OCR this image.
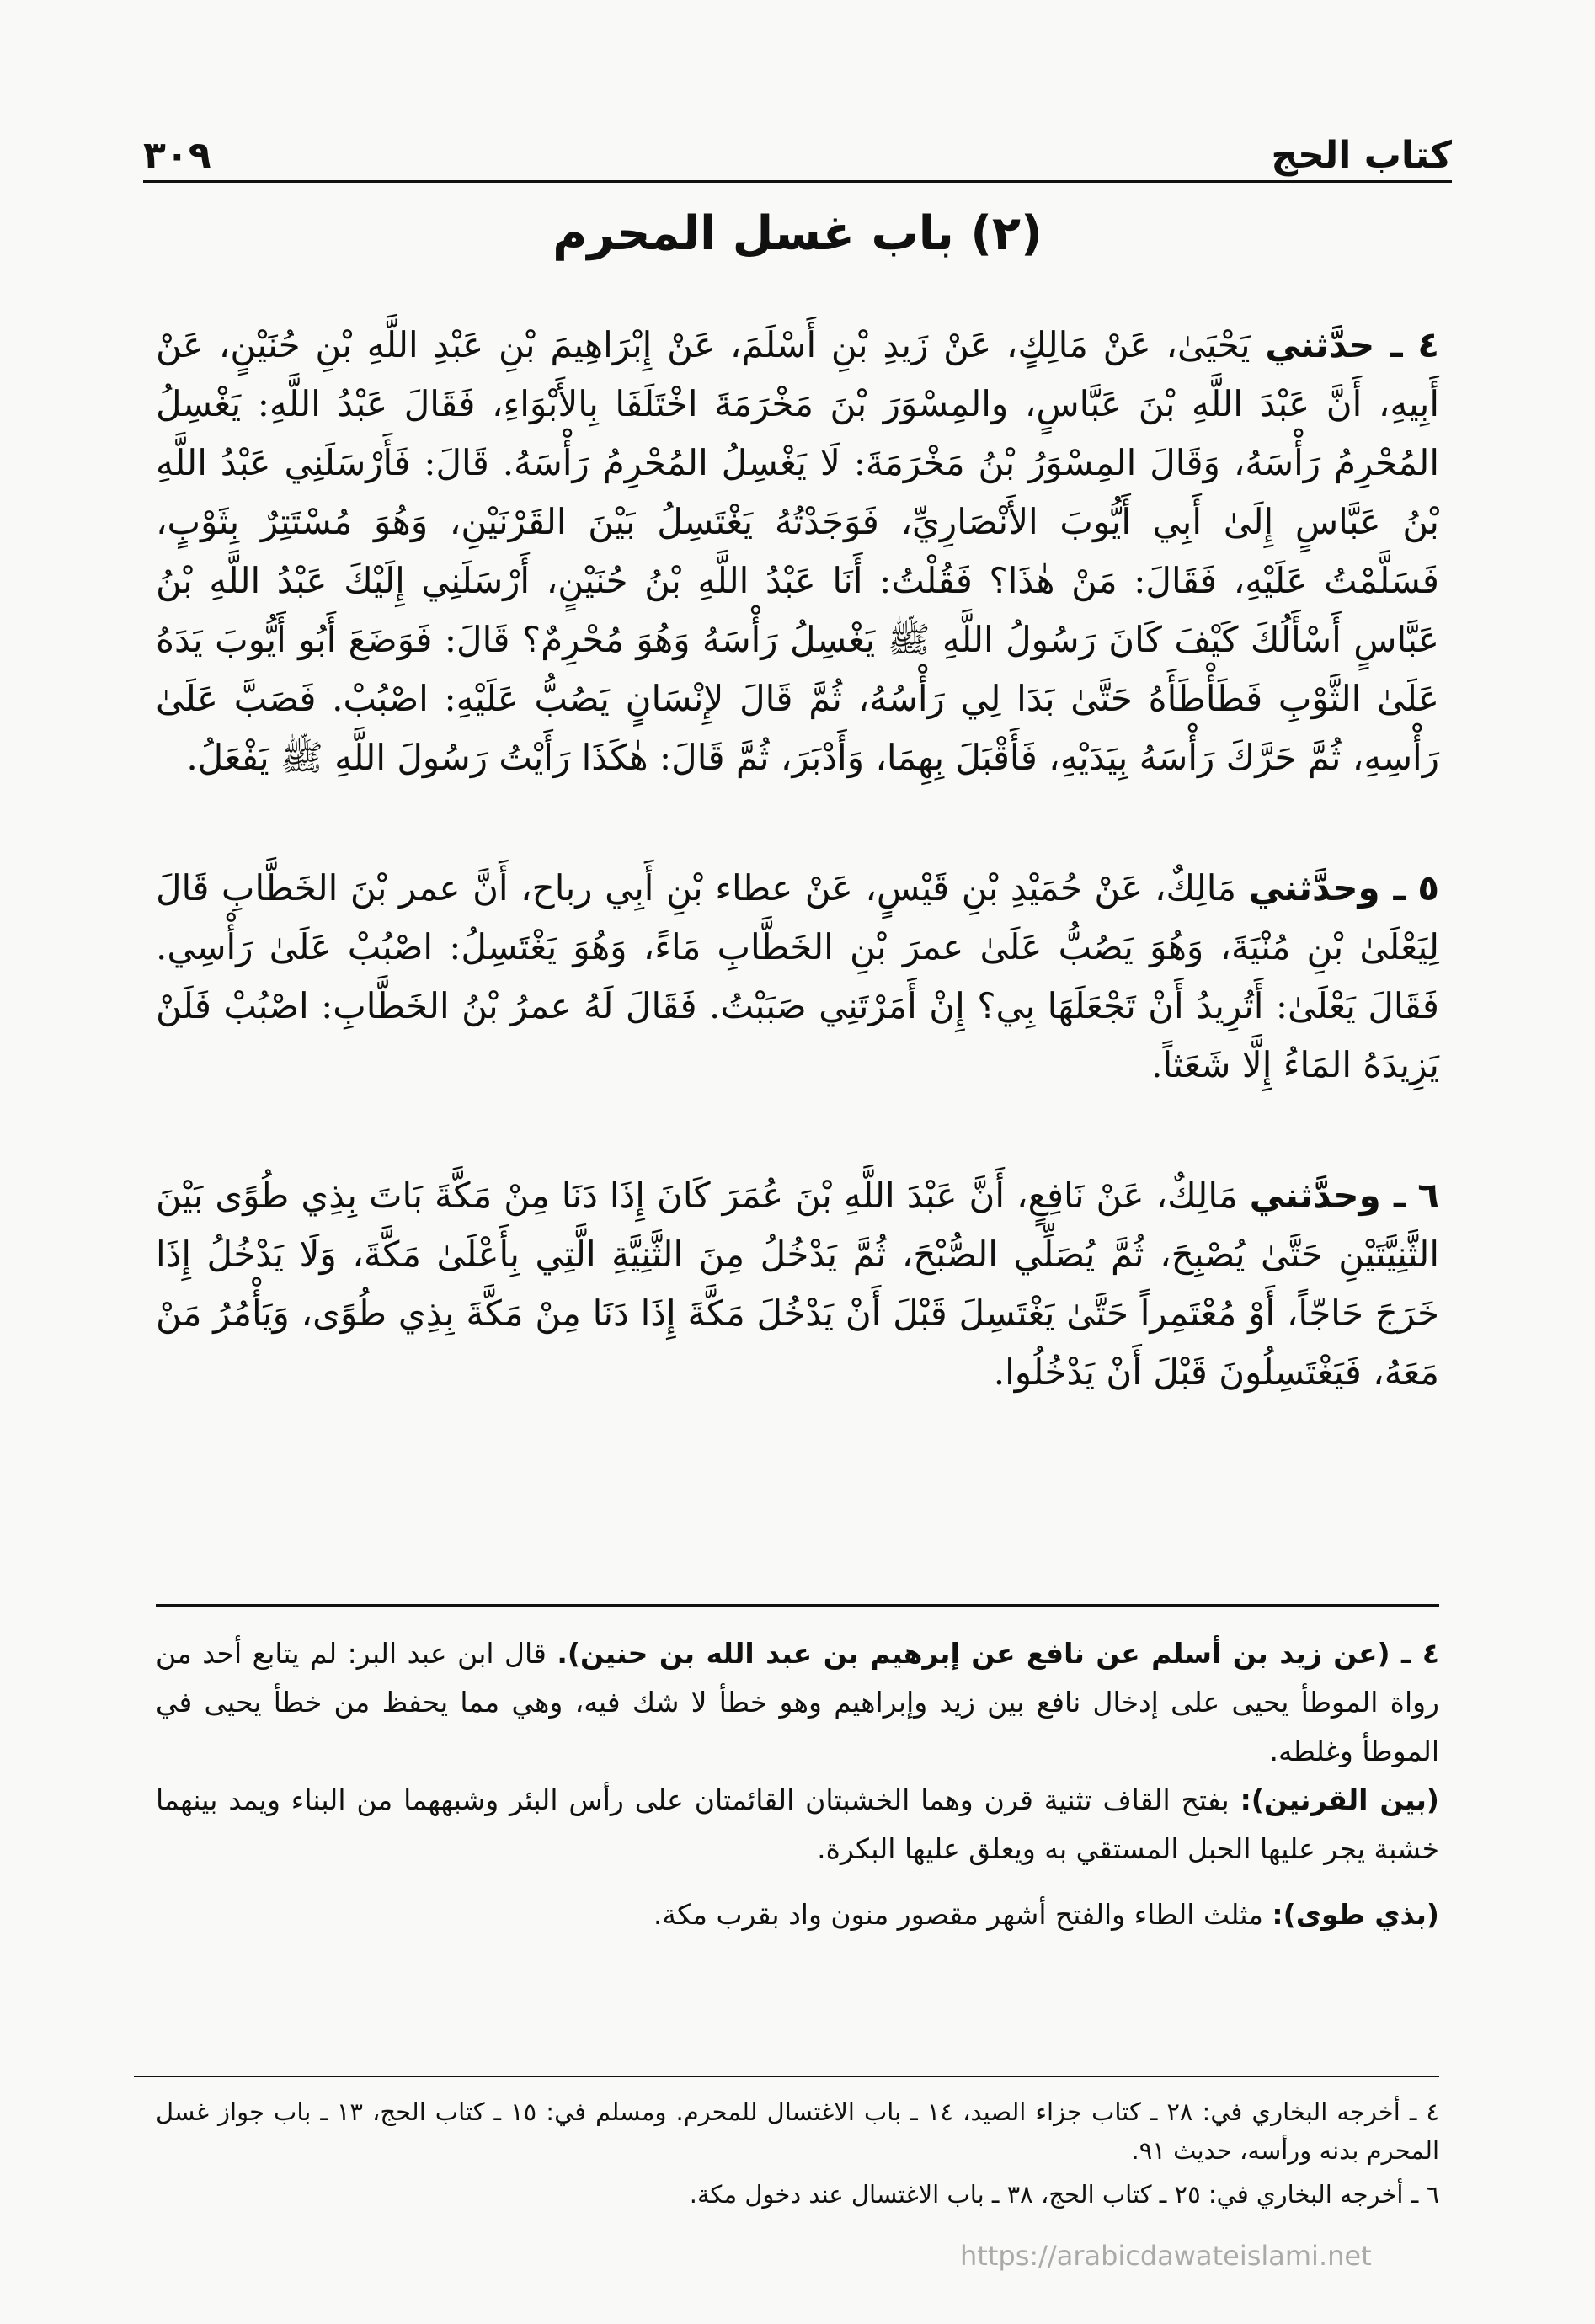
كتاب الحج
٣٠٩
(٢) باب غسل المحرم

٤ ـ حدَّثني يَحْيَىٰ، عَنْ مَالِكٍ، عَنْ زَيدِ بْنِ أَسْلَمَ، عَنْ إِبْرَاهِيمَ بْنِ عَبْدِ اللَّهِ بْنِ حُنَيْنٍ، عَنْ أَبِيهِ، أَنَّ عَبْدَ اللَّهِ بْنَ عَبَّاسٍ، والمِسْوَرَ بْنَ مَخْرَمَةَ اخْتَلَفَا بِالأَبْوَاءِ، فَقَالَ عَبْدُ اللَّهِ: يَغْسِلُ المُحْرِمُ رَأْسَهُ، وَقَالَ المِسْوَرُ بْنُ مَخْرَمَةَ: لَا يَغْسِلُ المُحْرِمُ رَأْسَهُ. قَالَ: فَأَرْسَلَنِي عَبْدُ اللَّهِ بْنُ عَبَّاسٍ إِلَىٰ أَبِي أَيُّوبَ الأَنْصَارِيِّ، فَوَجَدْتُهُ يَغْتَسِلُ بَيْنَ القَرْنَيْنِ، وَهُوَ مُسْتَتِرٌ بِثَوْبٍ، فَسَلَّمْتُ عَلَيْهِ، فَقَالَ: مَنْ هٰذَا؟ فَقُلْتُ: أَنَا عَبْدُ اللَّهِ بْنُ حُنَيْنٍ، أَرْسَلَنِي إِلَيْكَ عَبْدُ اللَّهِ بْنُ عَبَّاسٍ أَسْأَلُكَ كَيْفَ كَانَ رَسُولُ اللَّهِ ﷺ يَغْسِلُ رَأْسَهُ وَهُوَ مُحْرِمٌ؟ قَالَ: فَوَضَعَ أَبُو أَيُّوبَ يَدَهُ عَلَىٰ الثَّوْبِ فَطَأْطَأَهُ حَتَّىٰ بَدَا لِي رَأْسُهُ، ثُمَّ قَالَ لإِنْسَانٍ يَصُبُّ عَلَيْهِ: اصْبُبْ. فَصَبَّ عَلَىٰ رَأْسِهِ، ثُمَّ حَرَّكَ رَأْسَهُ بِيَدَيْهِ، فَأَقْبَلَ بِهِمَا، وَأَدْبَرَ، ثُمَّ قَالَ: هٰكَذَا رَأَيْتُ رَسُولَ اللَّهِ ﷺ يَفْعَلُ.

٥ ـ وحدَّثني مَالِكٌ، عَنْ حُمَيْدِ بْنِ قَيْسٍ، عَنْ عطاء بْنِ أَبِي رباح، أَنَّ عمر بْنَ الخَطَّابِ قَالَ لِيَعْلَىٰ بْنِ مُنْيَةَ، وَهُوَ يَصُبُّ عَلَىٰ عمرَ بْنِ الخَطَّابِ مَاءً، وَهُوَ يَغْتَسِلُ: اصْبُبْ عَلَىٰ رَأْسِي. فَقَالَ يَعْلَىٰ: أَتُرِيدُ أَنْ تَجْعَلَهَا بِي؟ إِنْ أَمَرْتَنِي صَبَبْتُ. فَقَالَ لَهُ عمرُ بْنُ الخَطَّابِ: اصْبُبْ فَلَنْ يَزِيدَهُ المَاءُ إِلَّا شَعَثاً.

٦ ـ وحدَّثني مَالِكٌ، عَنْ نَافِعٍ، أَنَّ عَبْدَ اللَّهِ بْنَ عُمَرَ كَانَ إِذَا دَنَا مِنْ مَكَّةَ بَاتَ بِذِي طُوًى بَيْنَ الثَّنِيَّتَيْنِ حَتَّىٰ يُصْبِحَ، ثُمَّ يُصَلِّي الصُّبْحَ، ثُمَّ يَدْخُلُ مِنَ الثَّنِيَّةِ الَّتِي بِأَعْلَىٰ مَكَّةَ، وَلَا يَدْخُلُ إِذَا خَرَجَ حَاجّاً، أَوْ مُعْتَمِراً حَتَّىٰ يَغْتَسِلَ قَبْلَ أَنْ يَدْخُلَ مَكَّةَ إِذَا دَنَا مِنْ مَكَّةَ بِذِي طُوًى، وَيَأْمُرُ مَنْ مَعَهُ، فَيَغْتَسِلُونَ قَبْلَ أَنْ يَدْخُلُوا.

٤ ـ (عن زيد بن أسلم عن نافع عن إبرهيم بن عبد الله بن حنين). قال ابن عبد البر: لم يتابع أحد من رواة الموطأ يحيى على إدخال نافع بين زيد وإبراهيم وهو خطأ لا شك فيه، وهي مما يحفظ من خطأ يحيى في الموطأ وغلطه.

(بين القرنين): بفتح القاف تثنية قرن وهما الخشبتان القائمتان على رأس البئر وشبههما من البناء ويمد بينهما خشبة يجر عليها الحبل المستقي به ويعلق عليها البكرة.

(بذي طوى): مثلث الطاء والفتح أشهر مقصور منون واد بقرب مكة.

٤ ـ أخرجه البخاري في: ٢٨ ـ كتاب جزاء الصيد، ١٤ ـ باب الاغتسال للمحرم. ومسلم في: ١٥ ـ كتاب الحج، ١٣ ـ باب جواز غسل المحرم بدنه ورأسه، حديث ٩١.

٦ ـ أخرجه البخاري في: ٢٥ ـ كتاب الحج، ٣٨ ـ باب الاغتسال عند دخول مكة.

https://arabicdawateislami.net
